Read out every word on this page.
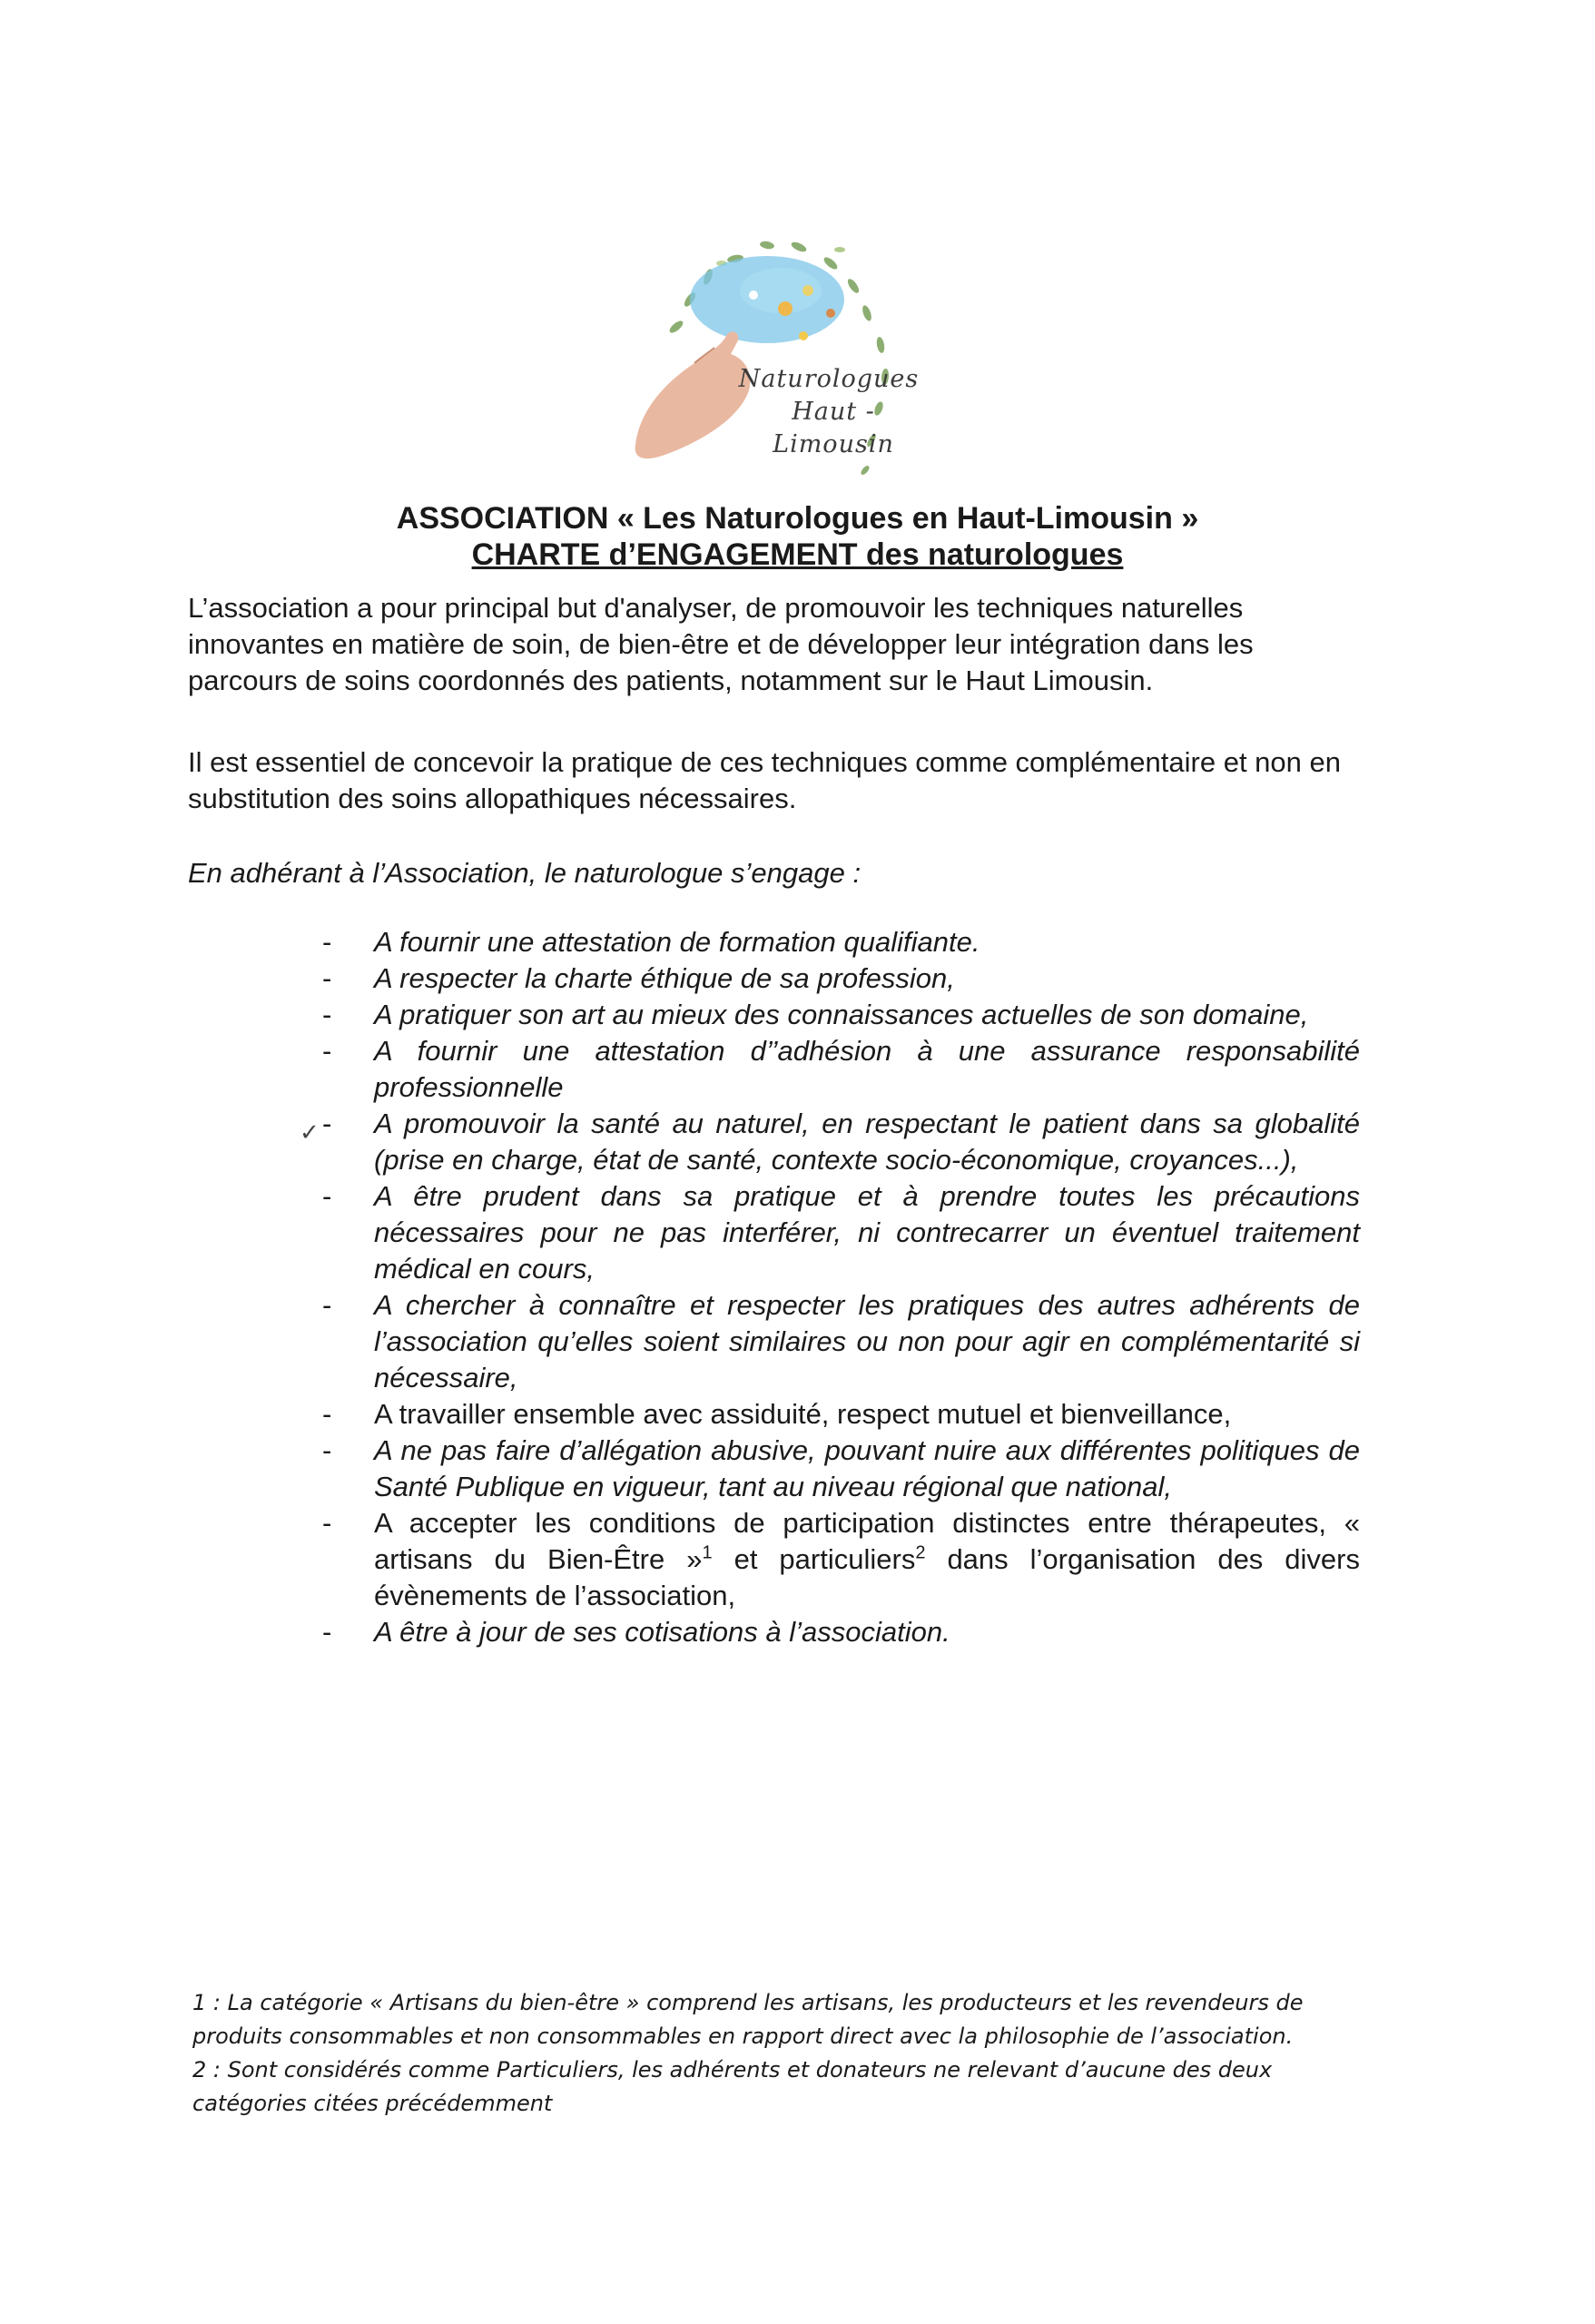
Naturologues
Haut - Limousin
ASSOCIATION « Les Naturologues en Haut-Limousin »
CHARTE d’ENGAGEMENT des naturologues

L’association a pour principal but d'analyser, de promouvoir les techniques naturelles innovantes en matière de soin, de bien-être et de développer leur intégration dans les parcours de soins coordonnés des patients, notamment sur le Haut Limousin.

Il est essentiel de concevoir la pratique de ces techniques comme complémentaire et non en substitution des soins allopathiques nécessaires.

En adhérant à l’Association, le naturologue s’engage :

✓
- A fournir une attestation de formation qualifiante.
- A respecter la charte éthique de sa profession,
- A pratiquer son art au mieux des connaissances actuelles de son domaine,
- A fournir une attestation d’’adhésion à une assurance responsabilité professionnelle
- A promouvoir la santé au naturel, en respectant le patient dans sa globalité (prise en charge, état de santé, contexte socio-économique, croyances...),
- A être prudent dans sa pratique et à prendre toutes les précautions nécessaires pour ne pas interférer, ni contrecarrer un éventuel traitement médical en cours,
- A chercher à connaître et respecter les pratiques des autres adhérents de l’association qu’elles soient similaires ou non pour agir en complémentarité si nécessaire,
- A travailler ensemble avec assiduité, respect mutuel et bienveillance,
- A ne pas faire d’allégation abusive, pouvant nuire aux différentes politiques de Santé Publique en vigueur, tant au niveau régional que national,
- A accepter les conditions de participation distinctes entre thérapeutes, « artisans du Bien-Être »$^1$ et particuliers$^2$ dans l’organisation des divers évènements de l’association,
- A être à jour de ses cotisations à l’association.

1 : La catégorie « Artisans du bien-être » comprend les artisans, les producteurs et les revendeurs de produits consommables et non consommables en rapport direct avec la philosophie de l’association.

2 : Sont considérés comme Particuliers, les adhérents et donateurs ne relevant d’aucune des deux catégories citées précédemment
